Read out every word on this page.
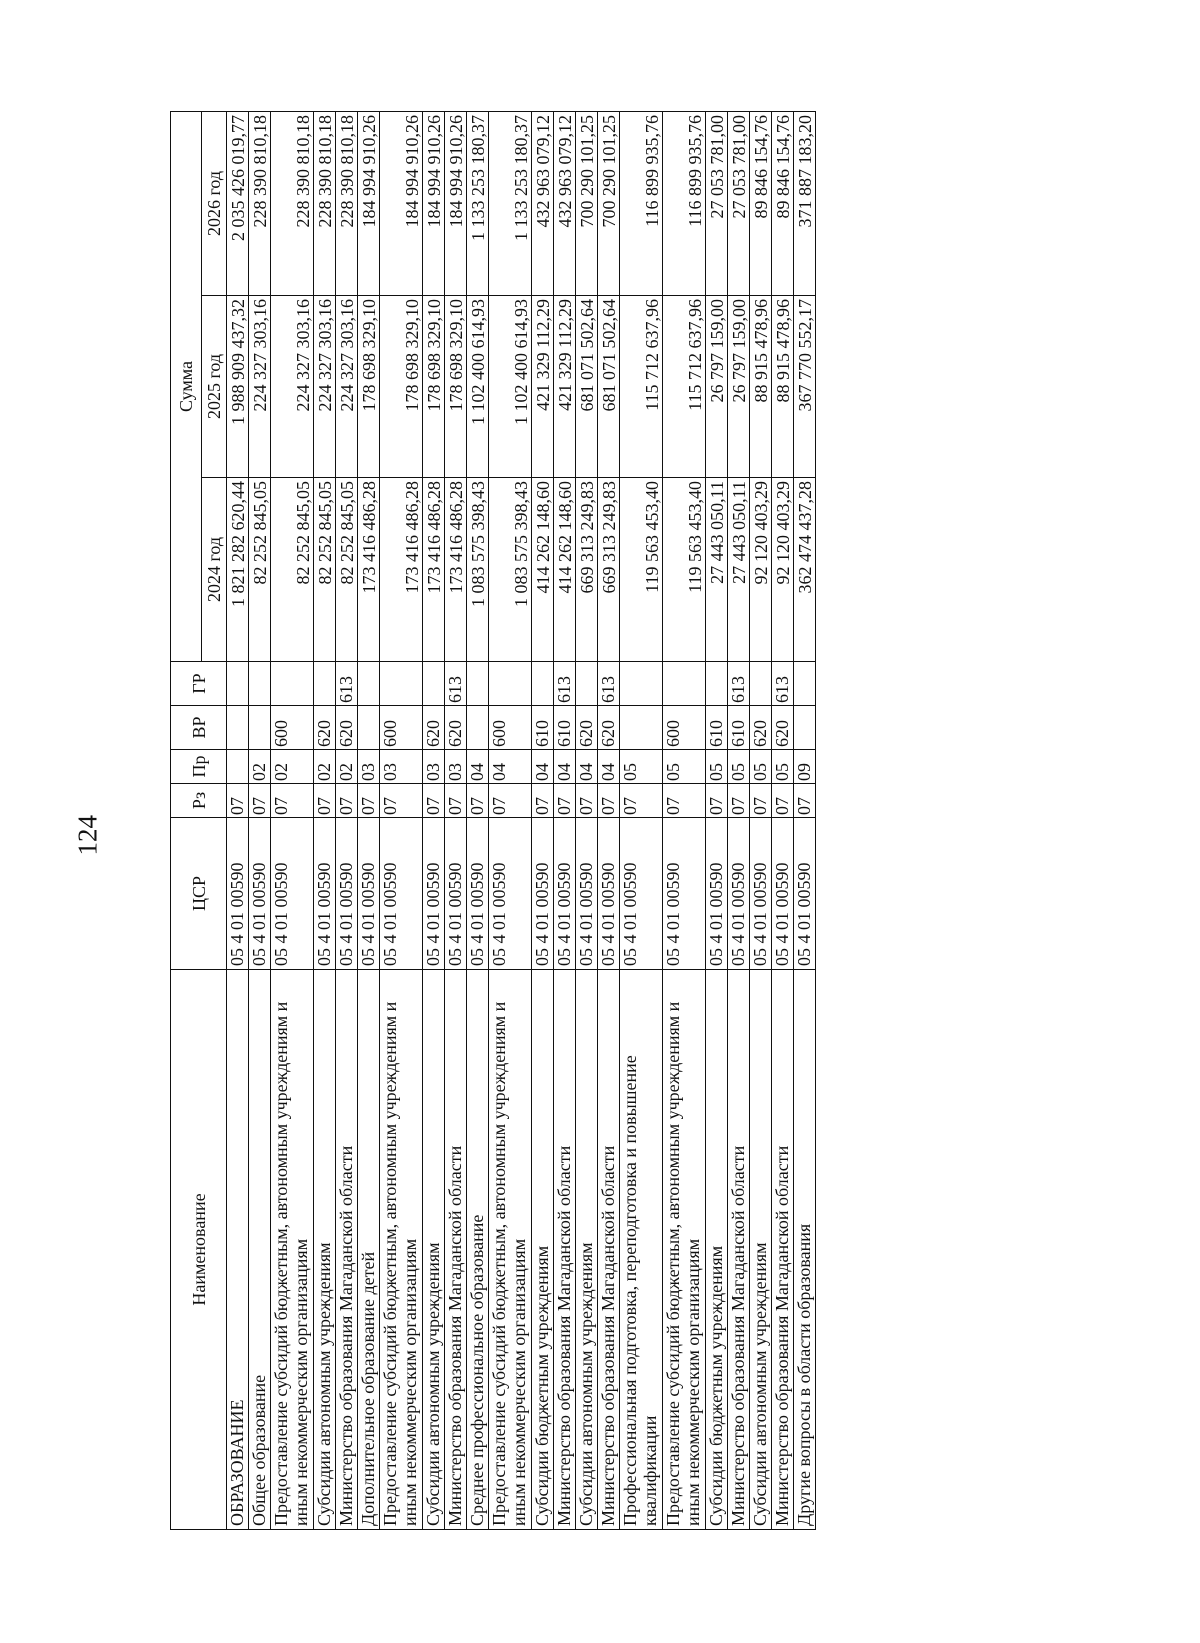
124
Наименование	ЦСР	Рз	Пр	ВР	ГР	Сумма		
						2024 год	2025 год	2026 год
ОБРАЗОВАНИЕ	05 4 01 00590	07				1 821 282 620,44	1 988 909 437,32	2 035 426 019,77
Общее образование	05 4 01 00590	07	02			82 252 845,05	224 327 303,16	228 390 810,18
Предоставление субсидий бюджетным, автономным учреждениям и иным некоммерческим организациям	05 4 01 00590	07	02	600		82 252 845,05	224 327 303,16	228 390 810,18
Субсидии автономным учреждениям	05 4 01 00590	07	02	620		82 252 845,05	224 327 303,16	228 390 810,18
Министерство образования Магаданской области	05 4 01 00590	07	02	620	613	82 252 845,05	224 327 303,16	228 390 810,18
Дополнительное образование детей	05 4 01 00590	07	03			173 416 486,28	178 698 329,10	184 994 910,26
Предоставление субсидий бюджетным, автономным учреждениям и иным некоммерческим организациям	05 4 01 00590	07	03	600		173 416 486,28	178 698 329,10	184 994 910,26
Субсидии автономным учреждениям	05 4 01 00590	07	03	620		173 416 486,28	178 698 329,10	184 994 910,26
Министерство образования Магаданской области	05 4 01 00590	07	03	620	613	173 416 486,28	178 698 329,10	184 994 910,26
Среднее профессиональное образование	05 4 01 00590	07	04			1 083 575 398,43	1 102 400 614,93	1 133 253 180,37
Предоставление субсидий бюджетным, автономным учреждениям и иным некоммерческим организациям	05 4 01 00590	07	04	600		1 083 575 398,43	1 102 400 614,93	1 133 253 180,37
Субсидии бюджетным учреждениям	05 4 01 00590	07	04	610		414 262 148,60	421 329 112,29	432 963 079,12
Министерство образования Магаданской области	05 4 01 00590	07	04	610	613	414 262 148,60	421 329 112,29	432 963 079,12
Субсидии автономным учреждениям	05 4 01 00590	07	04	620		669 313 249,83	681 071 502,64	700 290 101,25
Министерство образования Магаданской области	05 4 01 00590	07	04	620	613	669 313 249,83	681 071 502,64	700 290 101,25
Профессиональная подготовка, переподготовка и повышение квалификации	05 4 01 00590	07	05			119 563 453,40	115 712 637,96	116 899 935,76
Предоставление субсидий бюджетным, автономным учреждениям и иным некоммерческим организациям	05 4 01 00590	07	05	600		119 563 453,40	115 712 637,96	116 899 935,76
Субсидии бюджетным учреждениям	05 4 01 00590	07	05	610		27 443 050,11	26 797 159,00	27 053 781,00
Министерство образования Магаданской области	05 4 01 00590	07	05	610	613	27 443 050,11	26 797 159,00	27 053 781,00
Субсидии автономным учреждениям	05 4 01 00590	07	05	620		92 120 403,29	88 915 478,96	89 846 154,76
Министерство образования Магаданской области	05 4 01 00590	07	05	620	613	92 120 403,29	88 915 478,96	89 846 154,76
Другие вопросы в области образования	05 4 01 00590	07	09			362 474 437,28	367 770 552,17	371 887 183,20
